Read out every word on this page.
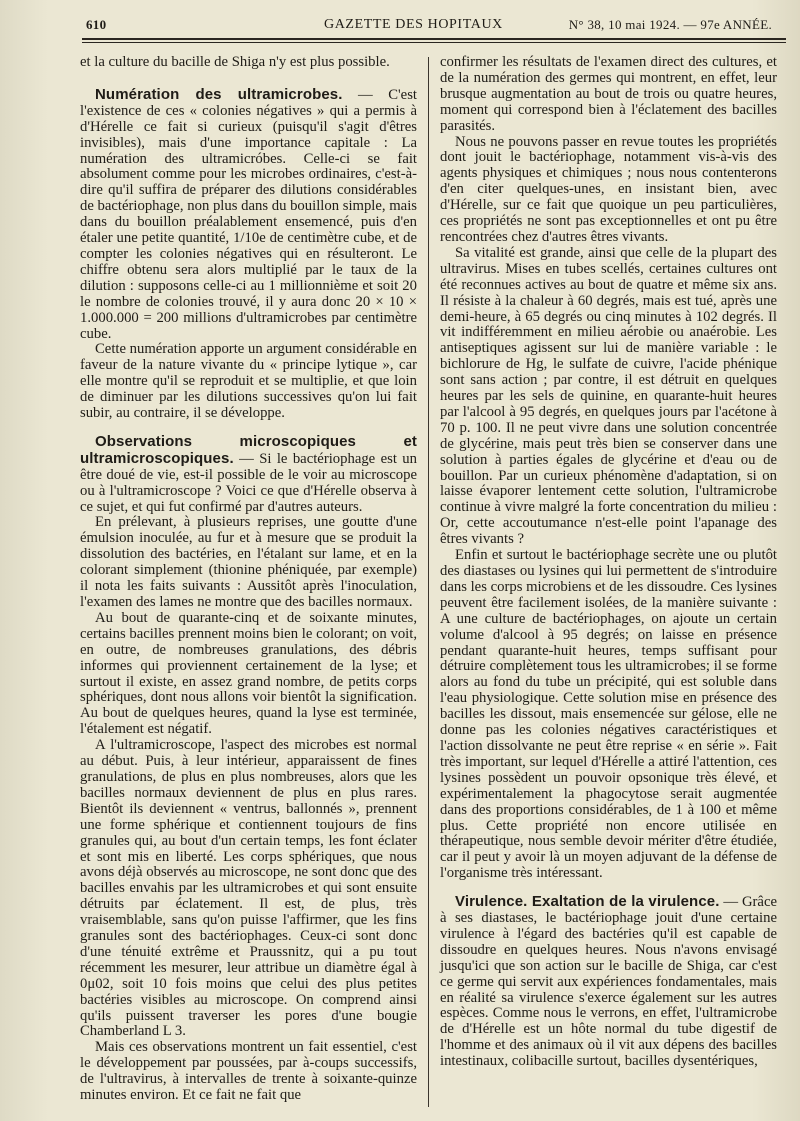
610	GAZETTE DES HOPITAUX	N° 38, 10 mai 1924. — 97e ANNÉE.

et la culture du bacille de Shiga n'y est plus possible.

Numération des ultramicrobes. — C'est l'existence de ces « colonies négatives » qui a permis à d'Hérelle ce fait si curieux (puisqu'il s'agit d'êtres invisibles), mais d'une importance capitale : La numération des ultramicróbes. Celle-ci se fait absolument comme pour les microbes ordinaires, c'est-à-dire qu'il suffira de préparer des dilutions considérables de bactériophage, non plus dans du bouillon simple, mais dans du bouillon préalablement ensemencé, puis d'en étaler une petite quantité, 1/10e de centimètre cube, et de compter les colonies négatives qui en résulteront. Le chiffre obtenu sera alors multiplié par le taux de la dilution : supposons celle-ci au 1 millionnième et soit 20 le nombre de colonies trouvé, il y aura donc 20 × 10 × 1.000.000 = 200 millions d'ultramicrobes par centimètre cube.

Cette numération apporte un argument considérable en faveur de la nature vivante du « principe lytique », car elle montre qu'il se reproduit et se multiplie, et que loin de diminuer par les dilutions successives qu'on lui fait subir, au contraire, il se développe.

Observations microscopiques et ultramicroscopiques. — Si le bactériophage est un être doué de vie, est-il possible de le voir au microscope ou à l'ultramicroscope ? Voici ce que d'Hérelle observa à ce sujet, et qui fut confirmé par d'autres auteurs.

En prélevant, à plusieurs reprises, une goutte d'une émulsion inoculée, au fur et à mesure que se produit la dissolution des bactéries, en l'étalant sur lame, et en la colorant simplement (thionine phéniquée, par exemple) il nota les faits suivants : Aussitôt après l'inoculation, l'examen des lames ne montre que des bacilles normaux.

Au bout de quarante-cinq et de soixante minutes, certains bacilles prennent moins bien le colorant; on voit, en outre, de nombreuses granulations, des débris informes qui proviennent certainement de la lyse; et surtout il existe, en assez grand nombre, de petits corps sphériques, dont nous allons voir bientôt la signification. Au bout de quelques heures, quand la lyse est terminée, l'étalement est négatif.

A l'ultramicroscope, l'aspect des microbes est normal au début. Puis, à leur intérieur, apparaissent de fines granulations, de plus en plus nombreuses, alors que les bacilles normaux deviennent de plus en plus rares. Bientôt ils deviennent « ventrus, ballonnés », prennent une forme sphérique et contiennent toujours de fins granules qui, au bout d'un certain temps, les font éclater et sont mis en liberté. Les corps sphériques, que nous avons déjà observés au microscope, ne sont donc que des bacilles envahis par les ultramicrobes et qui sont ensuite détruits par éclatement. Il est, de plus, très vraisemblable, sans qu'on puisse l'affirmer, que les fins granules sont des bactériophages. Ceux-ci sont donc d'une ténuité extrême et Praussnitz, qui a pu tout récemment les mesurer, leur attribue un diamètre égal à 0μ02, soit 10 fois moins que celui des plus petites bactéries visibles au microscope. On comprend ainsi qu'ils puissent traverser les pores d'une bougie Chamberland L 3.

Mais ces observations montrent un fait essentiel, c'est le développement par poussées, par à-coups successifs, de l'ultravirus, à intervalles de trente à soixante-quinze minutes environ. Et ce fait ne fait que

confirmer les résultats de l'examen direct des cultures, et de la numération des germes qui montrent, en effet, leur brusque augmentation au bout de trois ou quatre heures, moment qui correspond bien à l'éclatement des bacilles parasités.

Nous ne pouvons passer en revue toutes les propriétés dont jouit le bactériophage, notamment vis-à-vis des agents physiques et chimiques ; nous nous contenterons d'en citer quelques-unes, en insistant bien, avec d'Hérelle, sur ce fait que quoique un peu particulières, ces propriétés ne sont pas exceptionnelles et ont pu être rencontrées chez d'autres êtres vivants.

Sa vitalité est grande, ainsi que celle de la plupart des ultravirus. Mises en tubes scellés, certaines cultures ont été reconnues actives au bout de quatre et même six ans. Il résiste à la chaleur à 60 degrés, mais est tué, après une demi-heure, à 65 degrés ou cinq minutes à 102 degrés. Il vit indifféremment en milieu aérobie ou anaérobie. Les antiseptiques agissent sur lui de manière variable : le bichlorure de Hg, le sulfate de cuivre, l'acide phénique sont sans action ; par contre, il est détruit en quelques heures par les sels de quinine, en quarante-huit heures par l'alcool à 95 degrés, en quelques jours par l'acétone à 70 p. 100. Il ne peut vivre dans une solution concentrée de glycérine, mais peut très bien se conserver dans une solution à parties égales de glycérine et d'eau ou de bouillon. Par un curieux phénomène d'adaptation, si on laisse évaporer lentement cette solution, l'ultramicrobe continue à vivre malgré la forte concentration du milieu : Or, cette accoutumance n'est-elle point l'apanage des êtres vivants ?

Enfin et surtout le bactériophage secrète une ou plutôt des diastases ou lysines qui lui permettent de s'introduire dans les corps microbiens et de les dissoudre. Ces lysines peuvent être facilement isolées, de la manière suivante : A une culture de bactériophages, on ajoute un certain volume d'alcool à 95 degrés; on laisse en présence pendant quarante-huit heures, temps suffisant pour détruire complètement tous les ultramicrobes; il se forme alors au fond du tube un précipité, qui est soluble dans l'eau physiologique. Cette solution mise en présence des bacilles les dissout, mais ensemencée sur gélose, elle ne donne pas les colonies négatives caractéristiques et l'action dissolvante ne peut être reprise « en série ». Fait très important, sur lequel d'Hérelle a attiré l'attention, ces lysines possèdent un pouvoir opsonique très élevé, et expérimentalement la phagocytose serait augmentée dans des proportions considérables, de 1 à 100 et même plus. Cette propriété non encore utilisée en thérapeutique, nous semble devoir mériter d'être étudiée, car il peut y avoir là un moyen adjuvant de la défense de l'organisme très intéressant.

Virulence. Exaltation de la virulence. — Grâce à ses diastases, le bactériophage jouit d'une certaine virulence à l'égard des bactéries qu'il est capable de dissoudre en quelques heures. Nous n'avons envisagé jusqu'ici que son action sur le bacille de Shiga, car c'est ce germe qui servit aux expériences fondamentales, mais en réalité sa virulence s'exerce également sur les autres espèces. Comme nous le verrons, en effet, l'ultramicrobe de d'Hérelle est un hôte normal du tube digestif de l'homme et des animaux où il vit aux dépens des bacilles intestinaux, colibacille surtout, bacilles dysentériques,
